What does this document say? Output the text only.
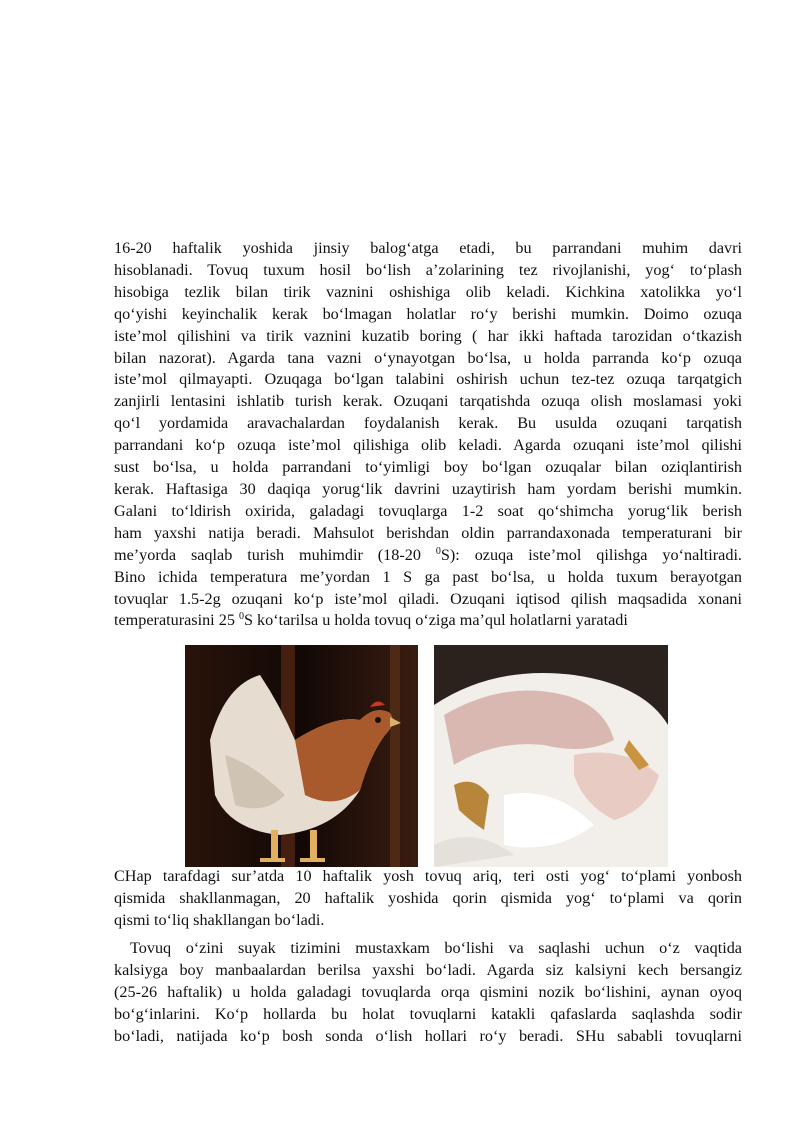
16-20 haftalik yoshida jinsiy balog‘atga etadi, bu parrandani muhim davri
hisoblanadi. Tovuq tuxum hosil bo‘lish a’zolarining tez rivojlanishi, yog‘ to‘plash
hisobiga tezlik bilan tirik vaznini oshishiga olib keladi. Kichkina xatolikka yo‘l
qo‘yishi keyinchalik kerak bo‘lmagan holatlar ro‘y berishi mumkin. Doimo ozuqa
iste’mol qilishini va tirik vaznini kuzatib boring ( har ikki haftada tarozidan o‘tkazish
bilan nazorat). Agarda tana vazni o‘ynayotgan bo‘lsa, u holda parranda ko‘p ozuqa
iste’mol qilmayapti. Ozuqaga bo‘lgan talabini oshirish uchun tez-tez ozuqa tarqatgich
zanjirli lentasini ishlatib turish kerak. Ozuqani tarqatishda ozuqa olish moslamasi yoki
qo‘l yordamida aravachalardan foydalanish kerak. Bu usulda ozuqani tarqatish
parrandani ko‘p ozuqa iste’mol qilishiga olib keladi. Agarda ozuqani iste’mol qilishi
sust bo‘lsa, u holda parrandani to‘yimligi boy bo‘lgan ozuqalar bilan oziqlantirish
kerak. Haftasiga 30 daqiqa yorug‘lik davrini uzaytirish ham yordam berishi mumkin.
Galani to‘ldirish oxirida, galadagi tovuqlarga 1-2 soat qo‘shimcha yorug‘lik berish
ham yaxshi natija beradi. Mahsulot berishdan oldin parrandaxonada temperaturani bir
me’yorda saqlab turish muhimdir (18-20 $^0$S): ozuqa iste’mol qilishga yo‘naltiradi.
Bino ichida temperatura me’yordan 1 S ga past bo‘lsa, u holda tuxum berayotgan
tovuqlar 1.5-2g ozuqani ko‘p iste’mol qiladi. Ozuqani iqtisod qilish maqsadida xonani
temperaturasini 25 $^0$S ko‘tarilsa u holda tovuq o‘ziga ma’qul holatlarni yaratadi
CHap tarafdagi sur’atda 10 haftalik yosh tovuq ariq, teri osti yog‘ to‘plami yonbosh
qismida shakllanmagan, 20 haftalik yoshida qorin qismida yog‘ to‘plami va qorin
qismi to‘liq shakllangan bo‘ladi.
Tovuq o‘zini suyak tizimini mustaxkam bo‘lishi va saqlashi uchun o‘z vaqtida
kalsiyga boy manbaalardan berilsa yaxshi bo‘ladi. Agarda siz kalsiyni kech bersangiz
(25-26 haftalik) u holda galadagi tovuqlarda orqa qismini nozik bo‘lishini, aynan oyoq
bo‘g‘inlarini. Ko‘p hollarda bu holat tovuqlarni katakli qafaslarda saqlashda sodir
bo‘ladi, natijada ko‘p bosh sonda o‘lish hollari ro‘y beradi. SHu sababli tovuqlarni
